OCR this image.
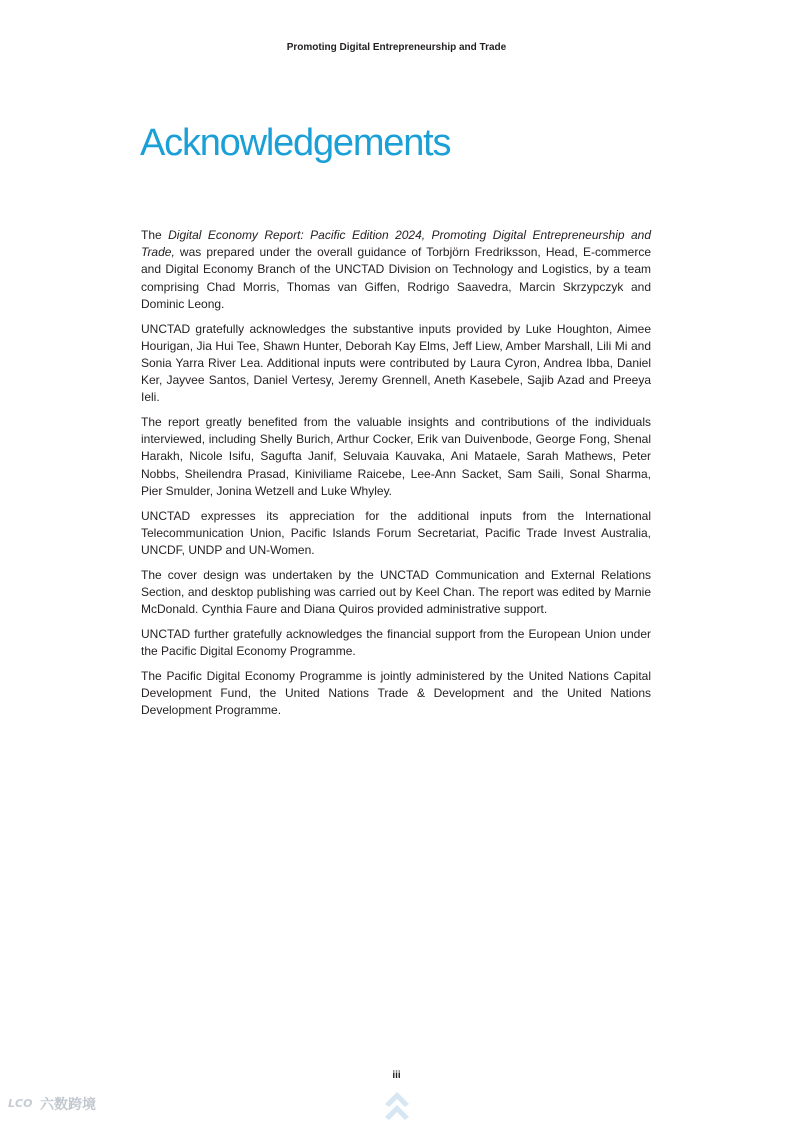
Promoting Digital Entrepreneurship and Trade
Acknowledgements

The Digital Economy Report: Pacific Edition 2024, Promoting Digital Entrepreneurship and Trade, was prepared under the overall guidance of Torbjörn Fredriksson, Head, E-commerce and Digital Economy Branch of the UNCTAD Division on Technology and Logistics, by a team comprising Chad Morris, Thomas van Giffen, Rodrigo Saavedra, Marcin Skrzypczyk and Dominic Leong.

UNCTAD gratefully acknowledges the substantive inputs provided by Luke Houghton, Aimee Hourigan, Jia Hui Tee, Shawn Hunter, Deborah Kay Elms, Jeff Liew, Amber Marshall, Lili Mi and Sonia Yarra River Lea. Additional inputs were contributed by Laura Cyron, Andrea Ibba, Daniel Ker, Jayvee Santos, Daniel Vertesy, Jeremy Grennell, Aneth Kasebele, Sajib Azad and Preeya Ieli.

The report greatly benefited from the valuable insights and contributions of the individuals interviewed, including Shelly Burich, Arthur Cocker, Erik van Duivenbode, George Fong, Shenal Harakh, Nicole Isifu, Sagufta Janif, Seluvaia Kauvaka, Ani Mataele, Sarah Mathews, Peter Nobbs, Sheilendra Prasad, Kiniviliame Raicebe, Lee-Ann Sacket, Sam Saili, Sonal Sharma, Pier Smulder, Jonina Wetzell and Luke Whyley.

UNCTAD expresses its appreciation for the additional inputs from the International Telecommunication Union, Pacific Islands Forum Secretariat, Pacific Trade Invest Australia, UNCDF, UNDP and UN-Women.

The cover design was undertaken by the UNCTAD Communication and External Relations Section, and desktop publishing was carried out by Keel Chan. The report was edited by Marnie McDonald. Cynthia Faure and Diana Quiros provided administrative support.

UNCTAD further gratefully acknowledges the financial support from the European Union under the Pacific Digital Economy Programme.

The Pacific Digital Economy Programme is jointly administered by the United Nations Capital Development Fund, the United Nations Trade & Development and the United Nations Development Programme.

iii
LCO 六数跨境
